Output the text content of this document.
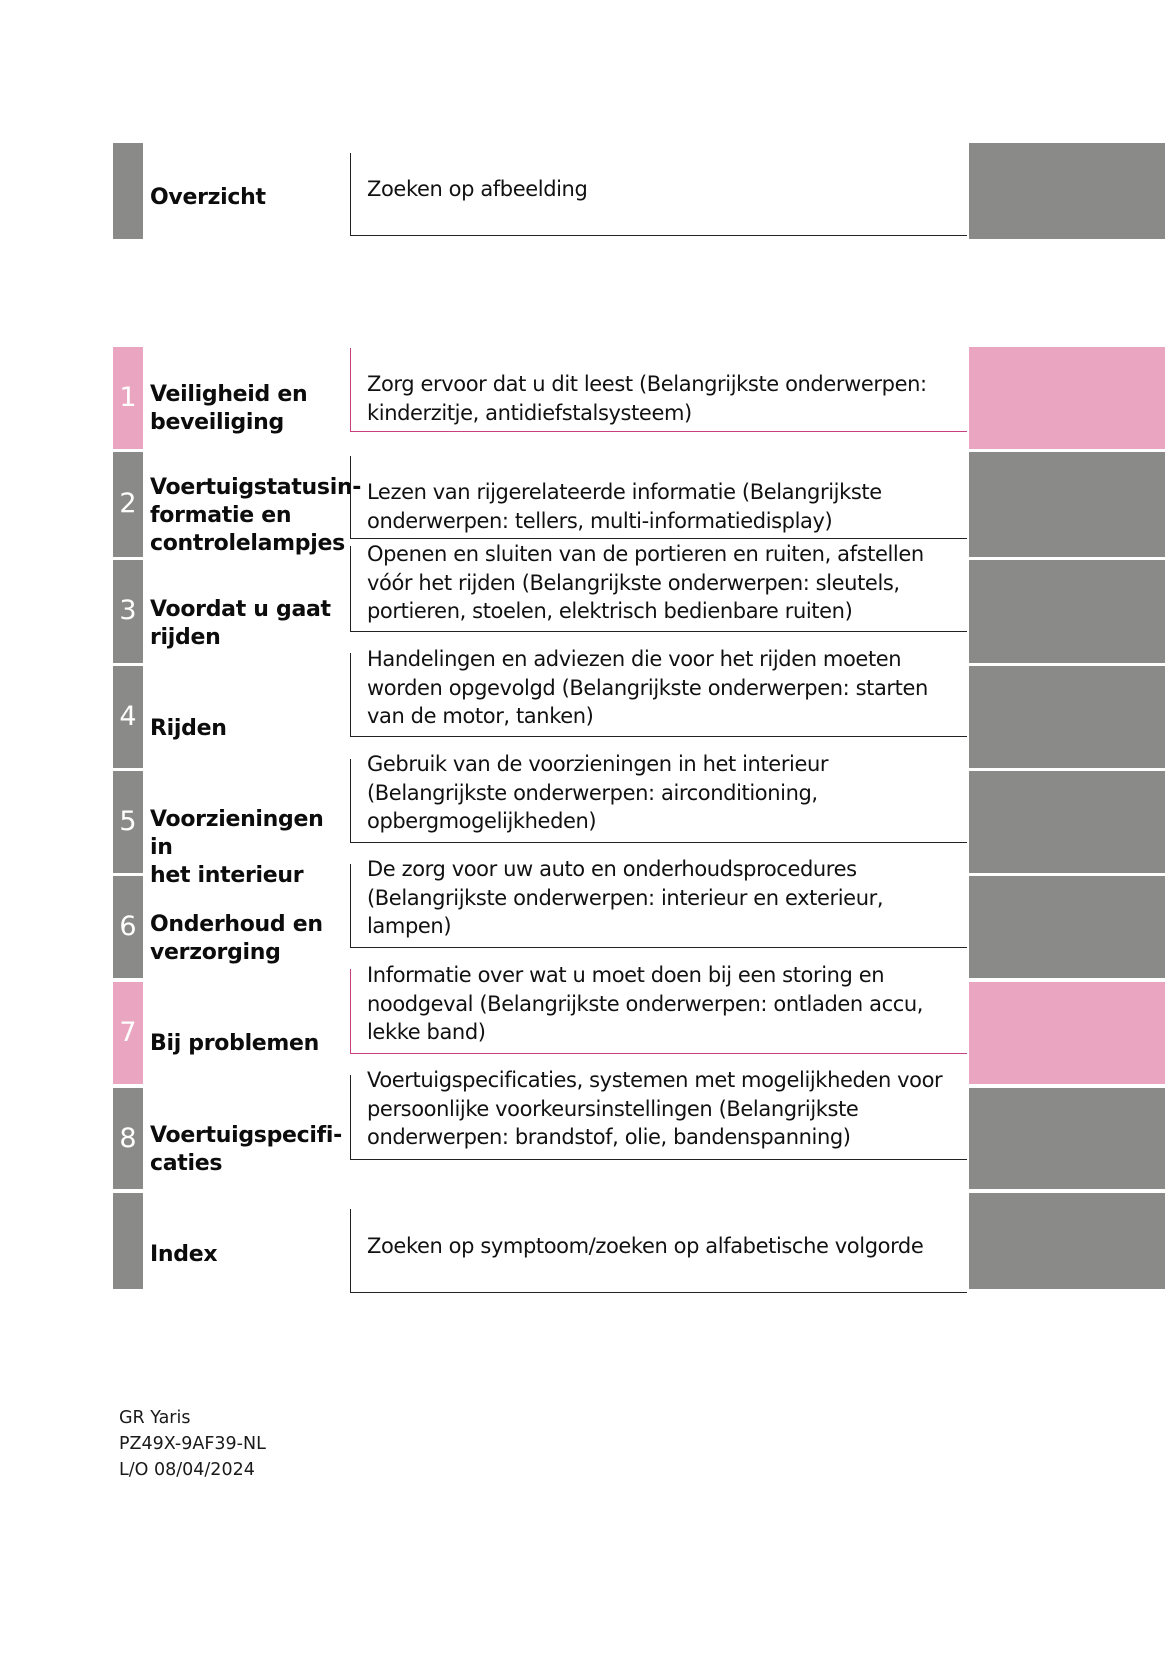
Overzicht	Zoeken op afbeelding
1 Veiligheid en
beveiliging
Zorg ervoor dat u dit leest (Belangrijkste onderwerpen:
kinderzitje, antidiefstalsysteem)
2
Voertuigstatusin-
formatie en
controlelampjes
Lezen van rijgerelateerde informatie (Belangrijkste
onderwerpen: tellers, multi-informatiedisplay)
3 Voordat u gaat
rijden
Openen en sluiten van de portieren en ruiten, afstellen
vóór het rijden (Belangrijkste onderwerpen: sleutels,
portieren, stoelen, elektrisch bedienbare ruiten)
4 Rijden
Handelingen en adviezen die voor het rijden moeten
worden opgevolgd (Belangrijkste onderwerpen: starten
van de motor, tanken)
5 Voorzieningen in
het interieur
Gebruik van de voorzieningen in het interieur
(Belangrijkste onderwerpen: airconditioning,
opbergmogelijkheden)
6 Onderhoud en
verzorging
De zorg voor uw auto en onderhoudsprocedures
(Belangrijkste onderwerpen: interieur en exterieur,
lampen)
7 Bij problemen
Informatie over wat u moet doen bij een storing en
noodgeval (Belangrijkste onderwerpen: ontladen accu,
lekke band)
8 Voertuigspecifi-
caties
Voertuigspecificaties, systemen met mogelijkheden voor
persoonlijke voorkeursinstellingen (Belangrijkste
onderwerpen: brandstof, olie, bandenspanning)
Index	Zoeken op symptoom/zoeken op alfabetische volgorde
GR Yaris
PZ49X-9AF39-NL
L/O 08/04/2024
